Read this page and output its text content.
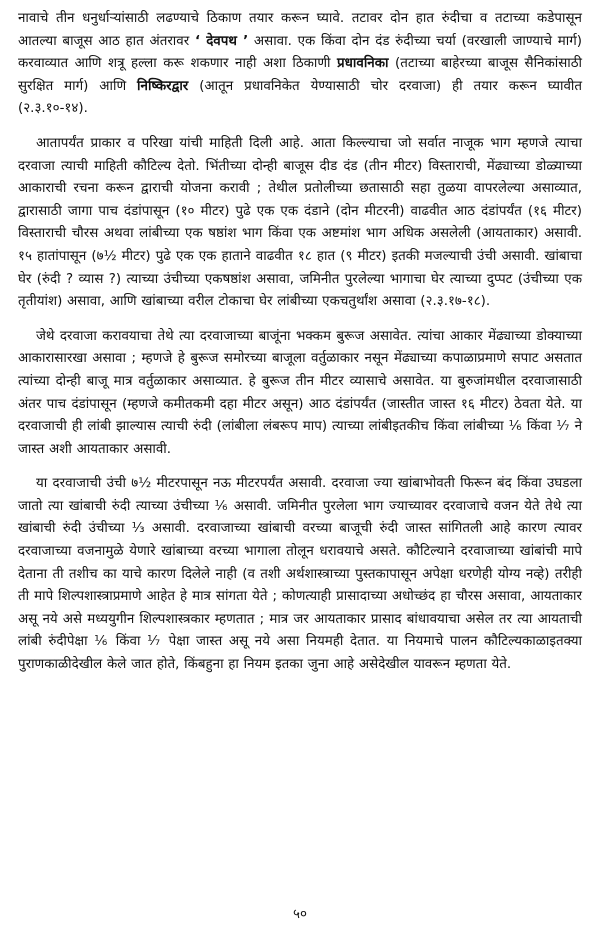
नावाचे तीन धनुर्धाऱ्यांसाठी लढण्याचे ठिकाण तयार करून घ्यावे. तटावर दोन हात रुंदीचा व तटाच्या कडेपासून आतल्या बाजूस आठ हात अंतरावर ‘ देवपथ ’ असावा. एक किंवा दोन दंड रुंदीच्या चर्या (वरखाली जाण्याचे मार्ग) करवाव्यात आणि शत्रू हल्ला करू शकणार नाही अशा ठिकाणी प्रधावनिका (तटाच्या बाहेरच्या बाजूस सैनिकांसाठी सुरक्षित मार्ग) आणि निष्किरद्वार (आतून प्रधावनिकेत येण्यासाठी चोर दरवाजा) ही तयार करून घ्यावीत (२.३.१०-१४).

आतापर्यंत प्राकार व परिखा यांची माहिती दिली आहे. आता किल्ल्याचा जो सर्वात नाजूक भाग म्हणजे त्याचा दरवाजा त्याची माहिती कौटिल्य देतो. भिंतीच्या दोन्ही बाजूस दीड दंड (तीन मीटर) विस्ताराची, मेंढ्याच्या डोळ्याच्या आकाराची रचना करून द्वाराची योजना करावी ; तेथील प्रतोलीच्या छतासाठी सहा तुळया वापरलेल्या असाव्यात, द्वारासाठी जागा पाच दंडांपासून (१० मीटर) पुढे एक एक दंडाने (दोन मीटरनी) वाढवीत आठ दंडांपर्यंत (१६ मीटर) विस्ताराची चौरस अथवा लांबीच्या एक षष्ठांश भाग किंवा एक अष्टमांश भाग अधिक असलेली (आयताकार) असावी. १५ हातांपासून (७½ मीटर) पुढे एक एक हाताने वाढवीत १८ हात (९ मीटर) इतकी मजल्याची उंची असावी. खांबाचा घेर (रुंदी ? व्यास ?) त्याच्या उंचीच्या एकषष्ठांश असावा, जमिनीत पुरलेल्या भागाचा घेर त्याच्या दुप्पट (उंचीच्या एक तृतीयांश) असावा, आणि खांबाच्या वरील टोकाचा घेर लांबीच्या एकचतुर्थांश असावा (२.३.१७-१८).

जेथे दरवाजा करावयाचा तेथे त्या दरवाजाच्या बाजूंना भक्कम बुरूज असावेत. त्यांचा आकार मेंढ्याच्या डोक्याच्या आकारासारखा असावा ; म्हणजे हे बुरूज समोरच्या बाजूला वर्तुळाकार नसून मेंढ्याच्या कपाळाप्रमाणे सपाट असतात त्यांच्या दोन्ही बाजू मात्र वर्तुळाकार असाव्यात. हे बुरूज तीन मीटर व्यासाचे असावेत. या बुरुजांमधील दरवाजासाठी अंतर पाच दंडांपासून (म्हणजे कमीतकमी दहा मीटर असून) आठ दंडांपर्यंत (जास्तीत जास्त १६ मीटर) ठेवता येते. या दरवाजाची ही लांबी झाल्यास त्याची रुंदी (लांबीला लंबरूप माप) त्याच्या लांबीइतकीच किंवा लांबीच्या ⅙ किंवा ⅐ ने जास्त अशी आयताकार असावी.

या दरवाजाची उंची ७½ मीटरपासून नऊ मीटरपर्यंत असावी. दरवाजा ज्या खांबाभोवती फिरून बंद किंवा उघडला जातो त्या खांबाची रुंदी त्याच्या उंचीच्या ⅙ असावी. जमिनीत पुरलेला भाग ज्याच्यावर दरवाजाचे वजन येते तेथे त्या खांबाची रुंदी उंचीच्या ⅓ असावी. दरवाजाच्या खांबाची वरच्या बाजूची रुंदी जास्त सांगितली आहे कारण त्यावर दरवाजाच्या वजनामुळे येणारे खांबाच्या वरच्या भागाला तोलून धरावयाचे असते. कौटिल्याने दरवाजाच्या खांबांची मापे देताना ती तशीच का याचे कारण दिलेले नाही (व तशी अर्थशास्त्राच्या पुस्तकापासून अपेक्षा धरणेही योग्य नव्हे) तरीही ती मापे शिल्पशास्त्राप्रमाणे आहेत हे मात्र सांगता येते ; कोणत्याही प्रासादाच्या अधोच्छंद हा चौरस असावा, आयताकार असू नये असे मध्ययुगीन शिल्पशास्त्रकार म्हणतात ; मात्र जर आयताकार प्रासाद बांधावयाचा असेल तर त्या आयताची लांबी रुंदीपेक्षा ⅙ किंवा ⅐ पेक्षा जास्त असू नये असा नियमही देतात. या नियमाचे पालन कौटिल्यकाळाइतक्या पुराणकाळीदेखील केले जात होते, किंबहुना हा नियम इतका जुना आहे असेदेखील यावरून म्हणता येते.

५०
